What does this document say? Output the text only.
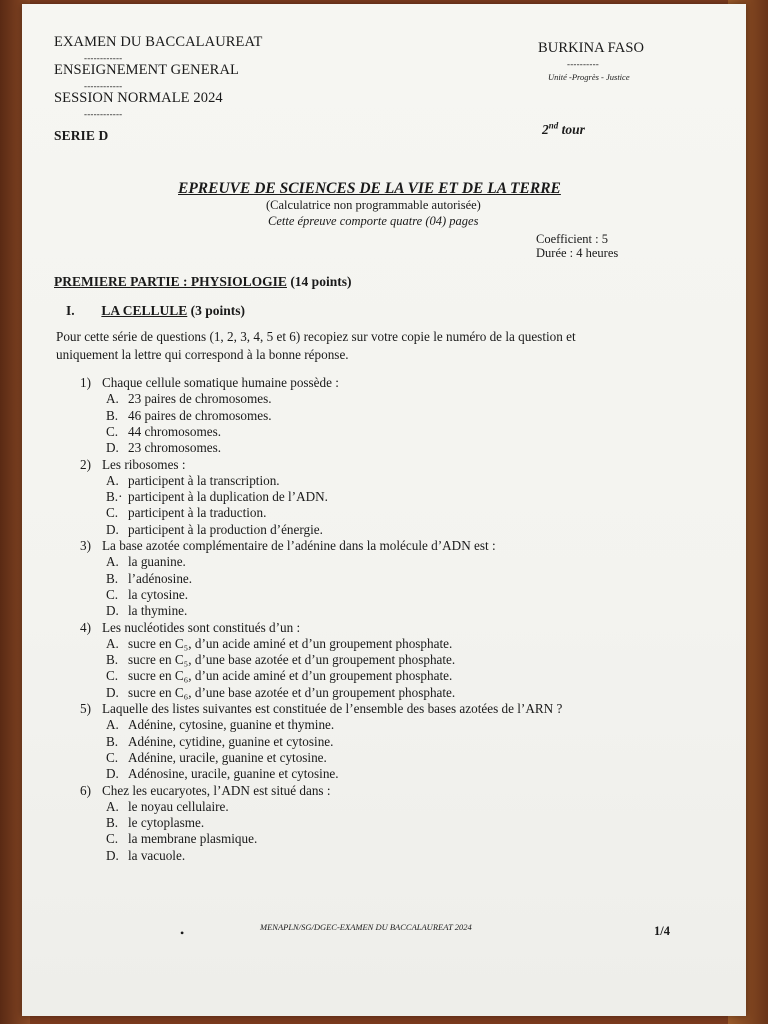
EXAMEN DU BACCALAUREAT
------------
ENSEIGNEMENT GENERAL
------------
SESSION NORMALE 2024
------------
SERIE D
BURKINA FASO
----------
Unité -Progrès - Justice
2nd tour
EPREUVE DE SCIENCES DE LA VIE ET DE LA TERRE
(Calculatrice non programmable autorisée)
Cette épreuve comporte quatre (04) pages
Coefficient : 5
Durée : 4 heures
PREMIERE PARTIE : PHYSIOLOGIE (14 points)
I. LA CELLULE (3 points)
Pour cette série de questions (1, 2, 3, 4, 5 et 6) recopiez sur votre copie le numéro de la question et
uniquement la lettre qui correspond à la bonne réponse.
1) Chaque cellule somatique humaine possède :
A. 23 paires de chromosomes.
B. 46 paires de chromosomes.
C. 44 chromosomes.
D. 23 chromosomes.
2) Les ribosomes :
A. participent à la transcription.
B.· participent à la duplication de l’ADN.
C. participent à la traduction.
D. participent à la production d’énergie.
3) La base azotée complémentaire de l’adénine dans la molécule d’ADN est :
A. la guanine.
B. l’adénosine.
C. la cytosine.
D. la thymine.
4) Les nucléotides sont constitués d’un :
A. sucre en C₅, d’un acide aminé et d’un groupement phosphate.
B. sucre en C₅, d’une base azotée et d’un groupement phosphate.
C. sucre en C₆, d’un acide aminé et d’un groupement phosphate.
D. sucre en C₆, d’une base azotée et d’un groupement phosphate.
5) Laquelle des listes suivantes est constituée de l’ensemble des bases azotées de l’ARN ?
A. Adénine, cytosine, guanine et thymine.
B. Adénine, cytidine, guanine et cytosine.
C. Adénine, uracile, guanine et cytosine.
D. Adénosine, uracile, guanine et cytosine.
6) Chez les eucaryotes, l’ADN est situé dans :
A. le noyau cellulaire.
B. le cytoplasme.
C. la membrane plasmique.
D. la vacuole.
•	MENAPLN/SG/DGEC-EXAMEN DU BACCALAUREAT 2024	1/4
